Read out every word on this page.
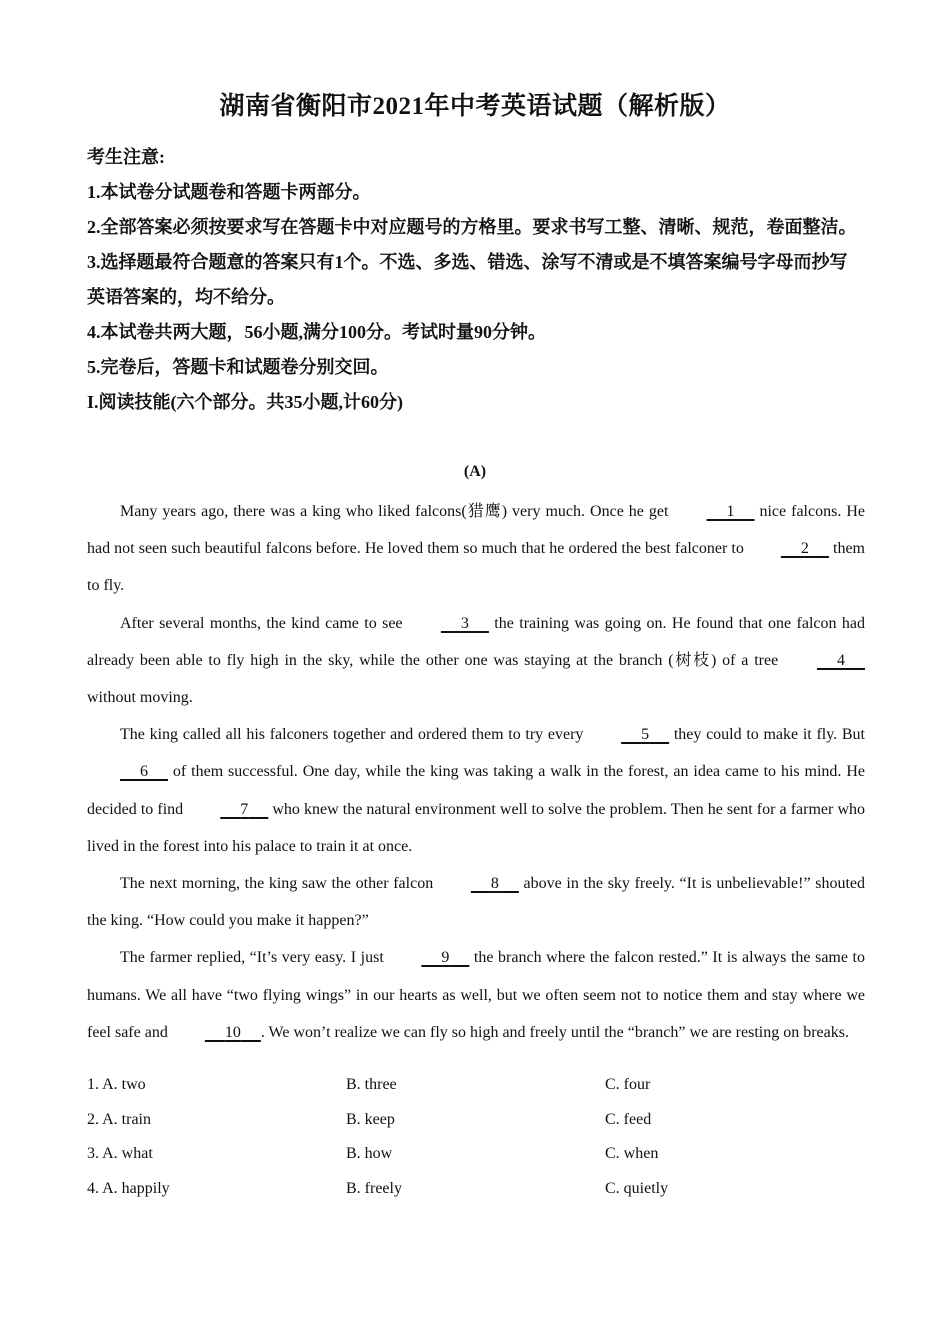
湖南省衡阳市2021年中考英语试题（解析版）

考生注意:

1.本试卷分试题卷和答题卡两部分。

2.全部答案必须按要求写在答题卡中对应题号的方格里。要求书写工整、清晰、规范，卷面整洁。

3.选择题最符合题意的答案只有1个。不选、多选、错选、涂写不清或是不填答案编号字母而抄写英语答案的，均不给分。

4.本试卷共两大题，56小题,满分100分。考试时量90分钟。

5.完卷后，答题卡和试题卷分别交回。

I.阅读技能(六个部分。共35小题,计60分)

(A)

Many years ago, there was a king who liked falcons(猎鹰) very much. Once he get	1      nice falcons. He had not seen such beautiful falcons before. He loved them so much that he ordered the best falconer to	2      them to fly.

After several months, the kind came to see	3      the training was going on. He found that one falcon had already been able to fly high in the sky, while the other one was staying at the branch (树枝) of a tree	4      without moving.

The king called all his falconers together and ordered them to try every	5      they could to make it fly. But      6      of them successful. One day, while the king was taking a walk in the forest, an idea came to his mind. He decided to find	7      who knew the natural environment well to solve the problem. Then he sent for a farmer who lived in the forest into his palace to train it at once.

The next morning, the king saw the other falcon	8      above in the sky freely. “It is unbelievable!” shouted the king. “How could you make it happen?”

The farmer replied, “It’s very easy. I just	9      the branch where the falcon rested.” It is always the same to humans. We all have “two flying wings” in our hearts as well, but we often seem not to notice them and stay where we feel safe and	10 . We won’t realize we can fly so high and freely until the “branch” we are resting on breaks.

1. A. two	B. three	C. four
2. A. train	B. keep	C. feed
3. A. what	B. how	C. when
4. A. happily	B. freely	C. quietly
